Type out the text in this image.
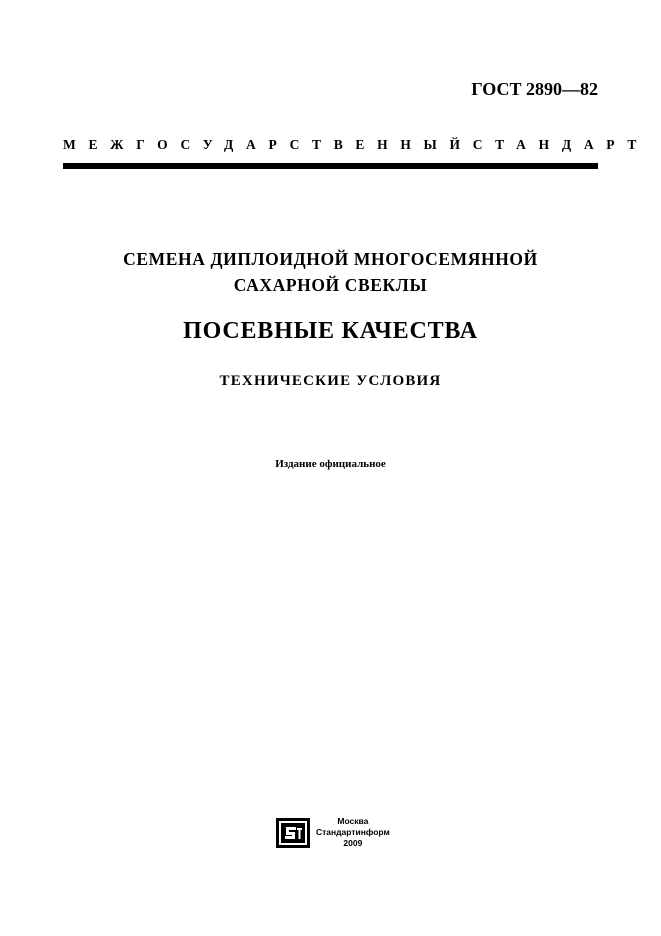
ГОСТ 2890—82
МЕЖГОСУДАРСТВЕННЫЙ СТАНДАРТ
СЕМЕНА ДИПЛОИДНОЙ МНОГОСЕМЯННОЙ
САХАРНОЙ СВЕКЛЫ
ПОСЕВНЫЕ КАЧЕСТВА
ТЕХНИЧЕСКИЕ УСЛОВИЯ
Издание официальное
Москва
Стандартинформ
2009
